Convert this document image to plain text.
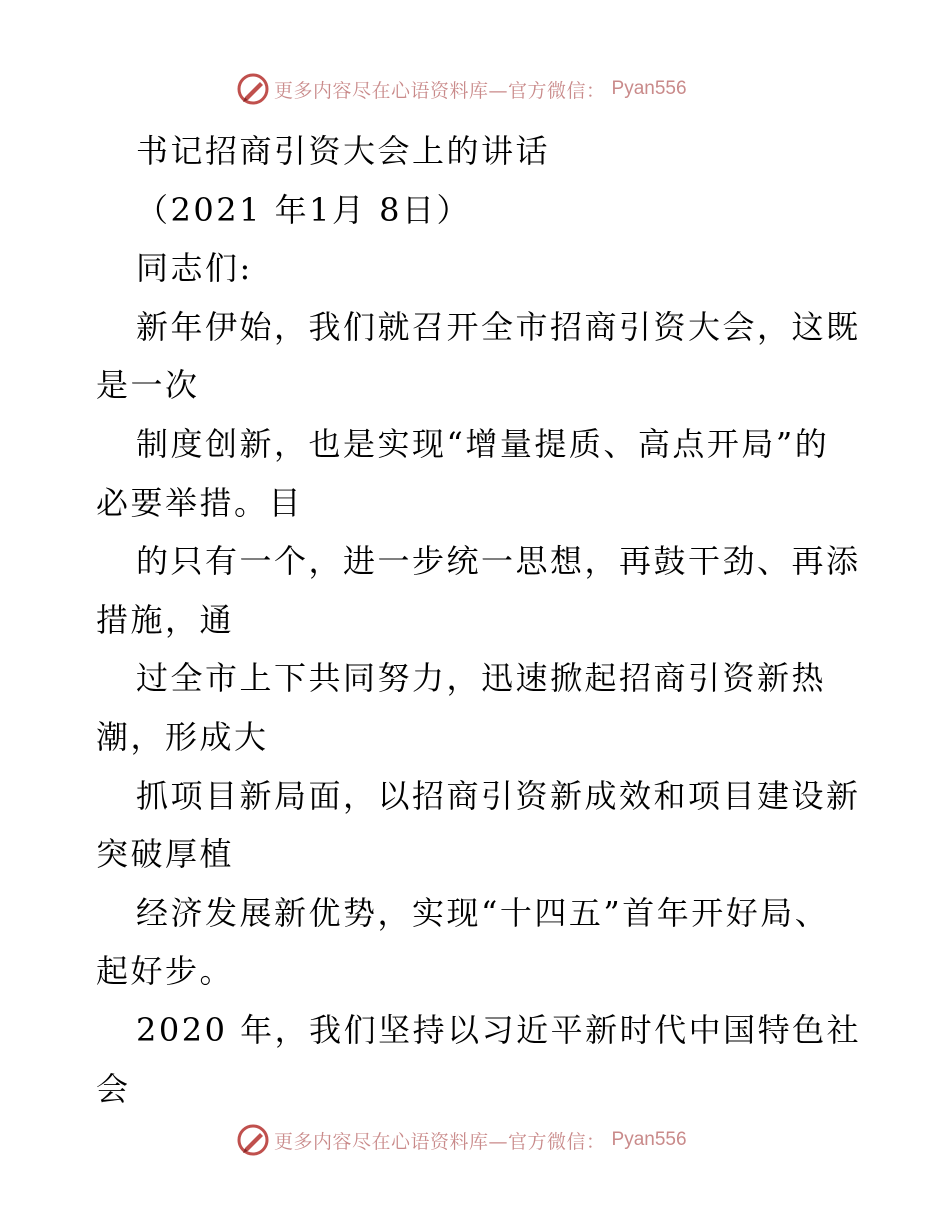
更多内容尽在心语资料库—官方微信： Pyan556
书记招商引资大会上的讲话
（2021 年1月 8日）
同志们:
新年伊始，我们就召开全市招商引资大会，这既
是一次
制度创新，也是实现“增量提质、高点开局”的
必要举措。目
的只有一个，进一步统一思想，再鼓干劲、再添
措施，通
过全市上下共同努力，迅速掀起招商引资新热
潮，形成大
抓项目新局面，以招商引资新成效和项目建设新
突破厚植
经济发展新优势，实现“十四五”首年开好局、
起好步。
2020 年，我们坚持以习近平新时代中国特色社
会
更多内容尽在心语资料库—官方微信： Pyan556
